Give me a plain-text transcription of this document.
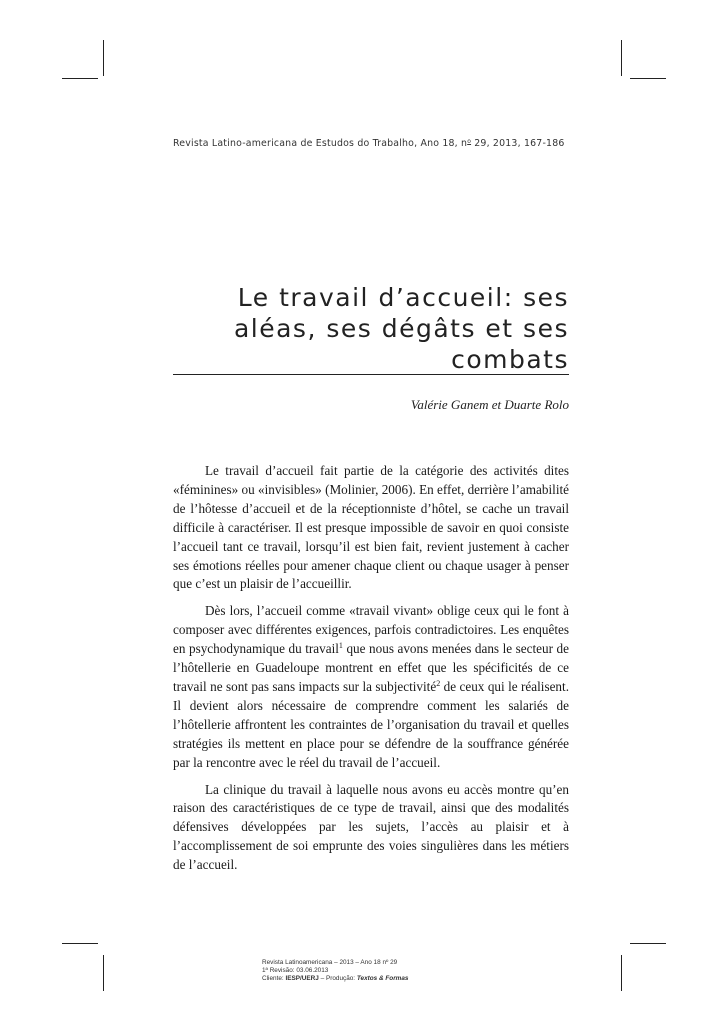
Revista Latino-americana de Estudos do Trabalho, Ano 18, $n^o$ 29, 2013, 167-186
Le travail d’accueil: ses
aléas, ses dégâts et ses
combats
Valérie Ganem et Duarte Rolo

Le travail d’accueil fait partie de la catégorie des activités dites «féminines» ou «invisibles» (Molinier, 2006). En effet, derrière l’amabilité de l’hôtesse d’accueil et de la réceptionniste d’hôtel, se cache un travail difficile à caractériser. Il est presque impossible de savoir en quoi consiste l’accueil tant ce travail, lorsqu’il est bien fait, revient justement à cacher ses émotions réelles pour amener chaque client ou chaque usager à penser que c’est un plaisir de l’accueillir.

Dès lors, l’accueil comme «travail vivant» oblige ceux qui le font à composer avec différentes exigences, parfois contradictoires. Les enquêtes en psychodynamique du travail$^1$ que nous avons menées dans le secteur de l’hôtellerie en Guadeloupe montrent en effet que les spécificités de ce travail ne sont pas sans impacts sur la subjectivité$^2$ de ceux qui le réalisent. Il devient alors nécessaire de comprendre comment les salariés de l’hôtellerie affrontent les contraintes de l’organisation du travail et quelles stratégies ils mettent en place pour se défendre de la souffrance générée par la rencontre avec le réel du travail de l’accueil.

La clinique du travail à laquelle nous avons eu accès montre qu’en raison des caractéristiques de ce type de travail, ainsi que des modalités défensives développées par les sujets, l’accès au plaisir et à l’accomplissement de soi emprunte des voies singulières dans les métiers de l’accueil.

Revista Latinoamericana – 2013 – Ano 18 nº 29
1ª Revisão: 03.06.2013
Cliente: IESP/UERJ – Produção: Textos & Formas
